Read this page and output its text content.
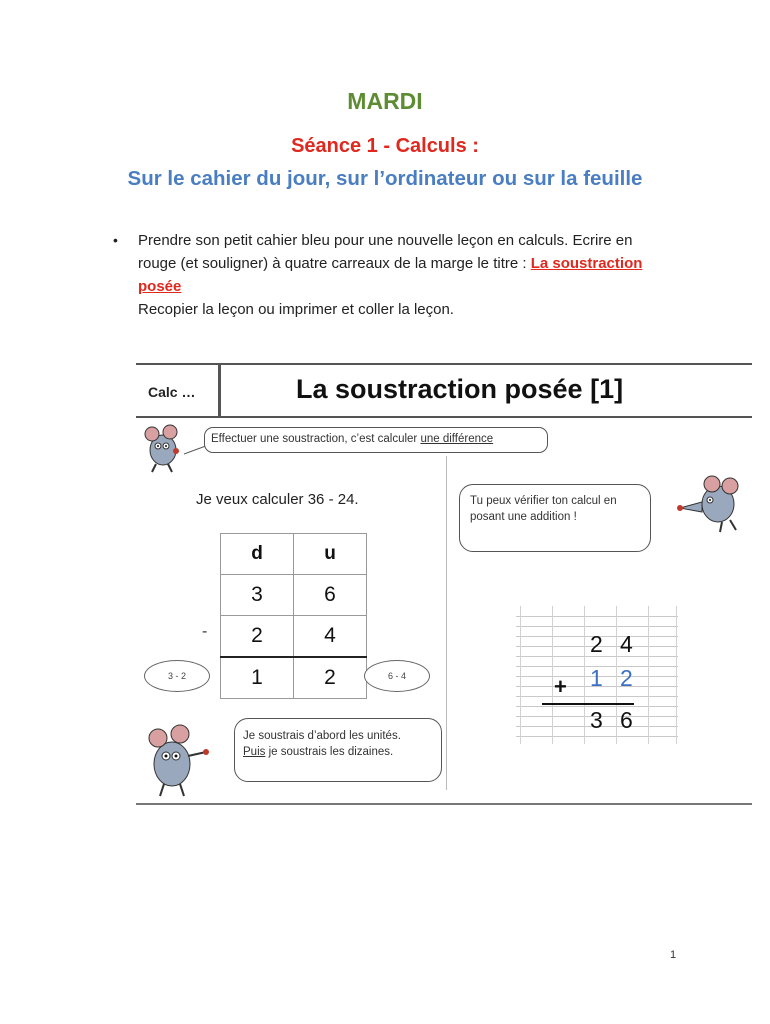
MARDI
Séance 1 - Calculs :
Sur le cahier du jour, sur l’ordinateur ou sur la feuille
•	Prendre son petit cahier bleu pour une nouvelle leçon en calculs. Ecrire en rouge (et souligner) à quatre carreaux de la marge le titre : La soustraction posée
Recopier la leçon ou imprimer et coller la leçon.
Calc …	La soustraction posée [1]
Effectuer une soustraction, c’est calculer une différence
Je veux calculer 36 - 24.
d	u
3	6
2	4
1	2
-
3 - 2	6 - 4
Tu peux vérifier ton calcul en posant une addition !
2 4
+ 1 2
3 6
Je soustrais d’abord les unités.
Puis je soustrais les dizaines.
1
